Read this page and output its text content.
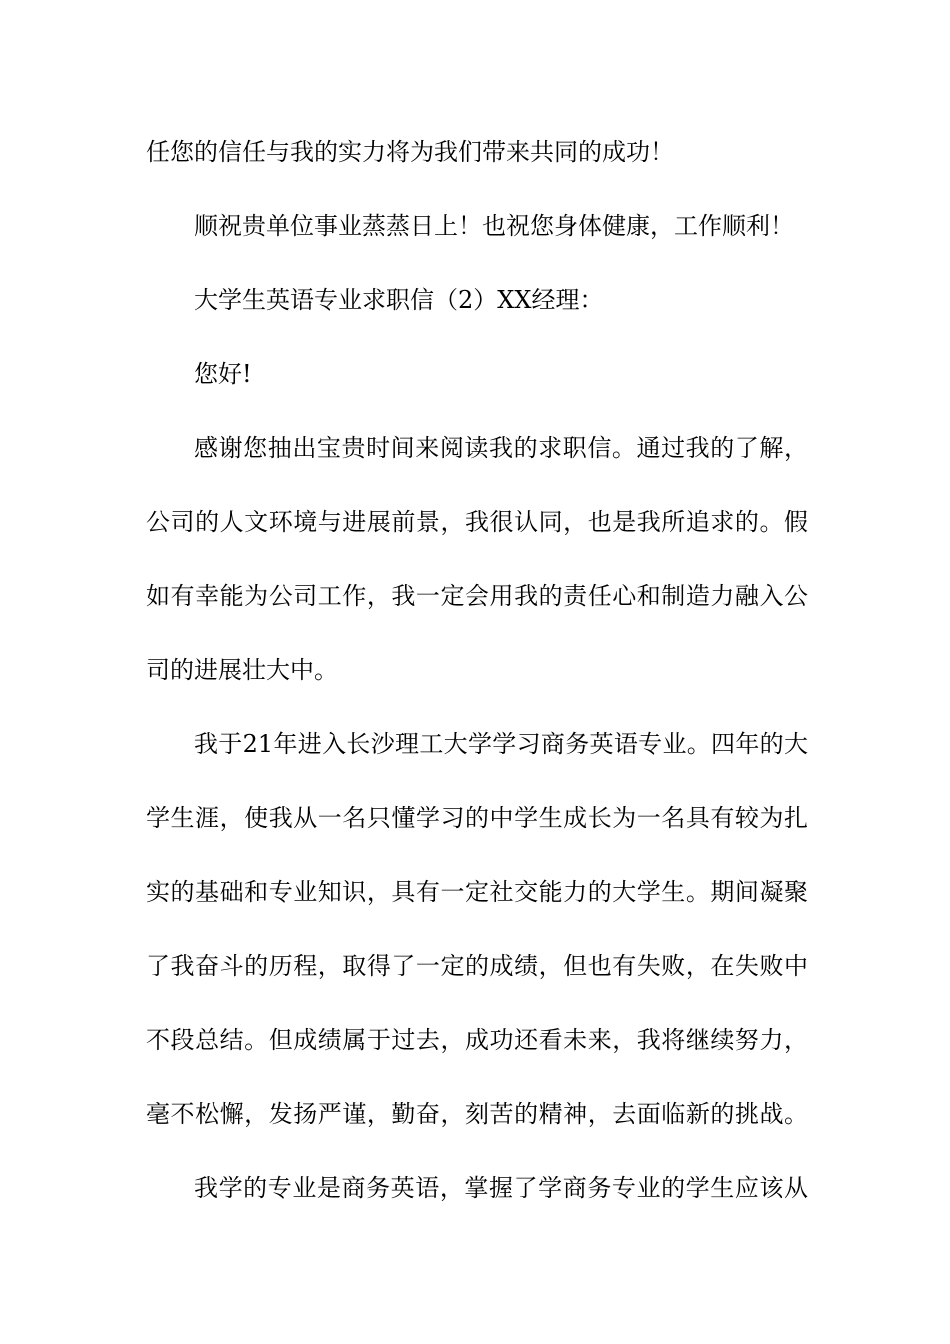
任您的信任与我的实力将为我们带来共同的成功！
顺祝贵单位事业蒸蒸日上！也祝您身体健康，工作顺利！
大学生英语专业求职信（2）XX经理：
您好!
感谢您抽出宝贵时间来阅读我的求职信。通过我的了解，
公司的人文环境与进展前景，我很认同，也是我所追求的。假
如有幸能为公司工作，我一定会用我的责任心和制造力融入公
司的进展壮大中。
我于21年进入长沙理工大学学习商务英语专业。四年的大
学生涯，使我从一名只懂学习的中学生成长为一名具有较为扎
实的基础和专业知识，具有一定社交能力的大学生。期间凝聚
了我奋斗的历程，取得了一定的成绩，但也有失败，在失败中
不段总结。但成绩属于过去，成功还看未来，我将继续努力，
毫不松懈，发扬严谨，勤奋，刻苦的精神，去面临新的挑战。
我学的专业是商务英语，掌握了学商务专业的学生应该从
